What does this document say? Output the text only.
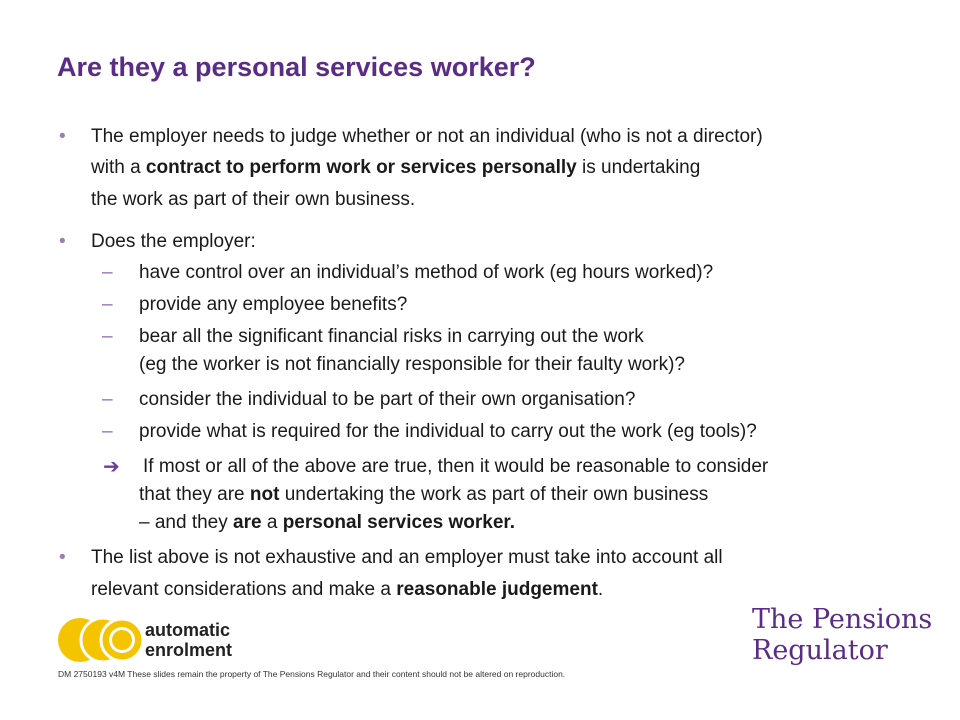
Are they a personal services worker?
• The employer needs to judge whether or not an individual (who is not a director)
with a contract to perform work or services personally is undertaking
the work as part of their own business.
• Does the employer:
– have control over an individual’s method of work (eg hours worked)?
– provide any employee benefits?
– bear all the significant financial risks in carrying out the work
(eg the worker is not financially responsible for their faulty work)?
– consider the individual to be part of their own organisation?
– provide what is required for the individual to carry out the work (eg tools)?
➔ If most or all of the above are true, then it would be reasonable to consider
that they are not undertaking the work as part of their own business
– and they are a personal services worker.
• The list above is not exhaustive and an employer must take into account all
relevant considerations and make a reasonable judgement.
automatic
enrolment
The Pensions
Regulator
DM 2750193 v4M These slides remain the property of The Pensions Regulator and their content should not be altered on reproduction.
